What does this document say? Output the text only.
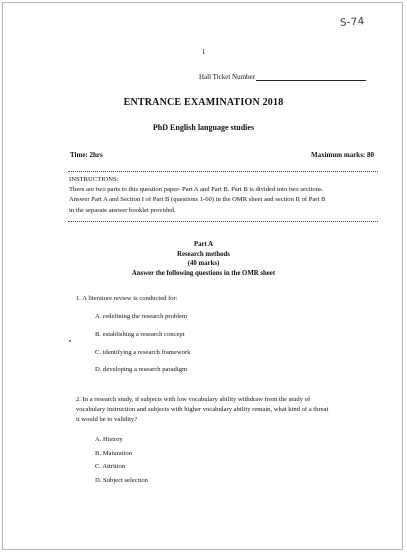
S-74
1
Hall Ticket Number
ENTRANCE EXAMINATION 2018
PhD English language studies
Time: 2hrs	Maximum marks: 80
INSTRUCTIONS:
There are two parts to this question paper- Part A and Part B. Part B is divided into two sections.
Answer Part A and Section I of Part B (questions 1-60) in the OMR sheet and section II of Part B
in the separate answer booklet provided.
Part A
Research methods
(40 marks)
Answer the following questions in the OMR sheet
1. A literature review is conducted for:
A. redefining the research problem
B. establishing a research concept
C. identifying a research framework
D. developing a research paradigm
2. In a research study, if subjects with low vocabulary ability withdraw from the study of
vocabulary instruction and subjects with higher vocabulary ability remain, what kind of a threat
it would be to validity?
A. History
B. Maturation
C. Attrition
D. Subject selection
